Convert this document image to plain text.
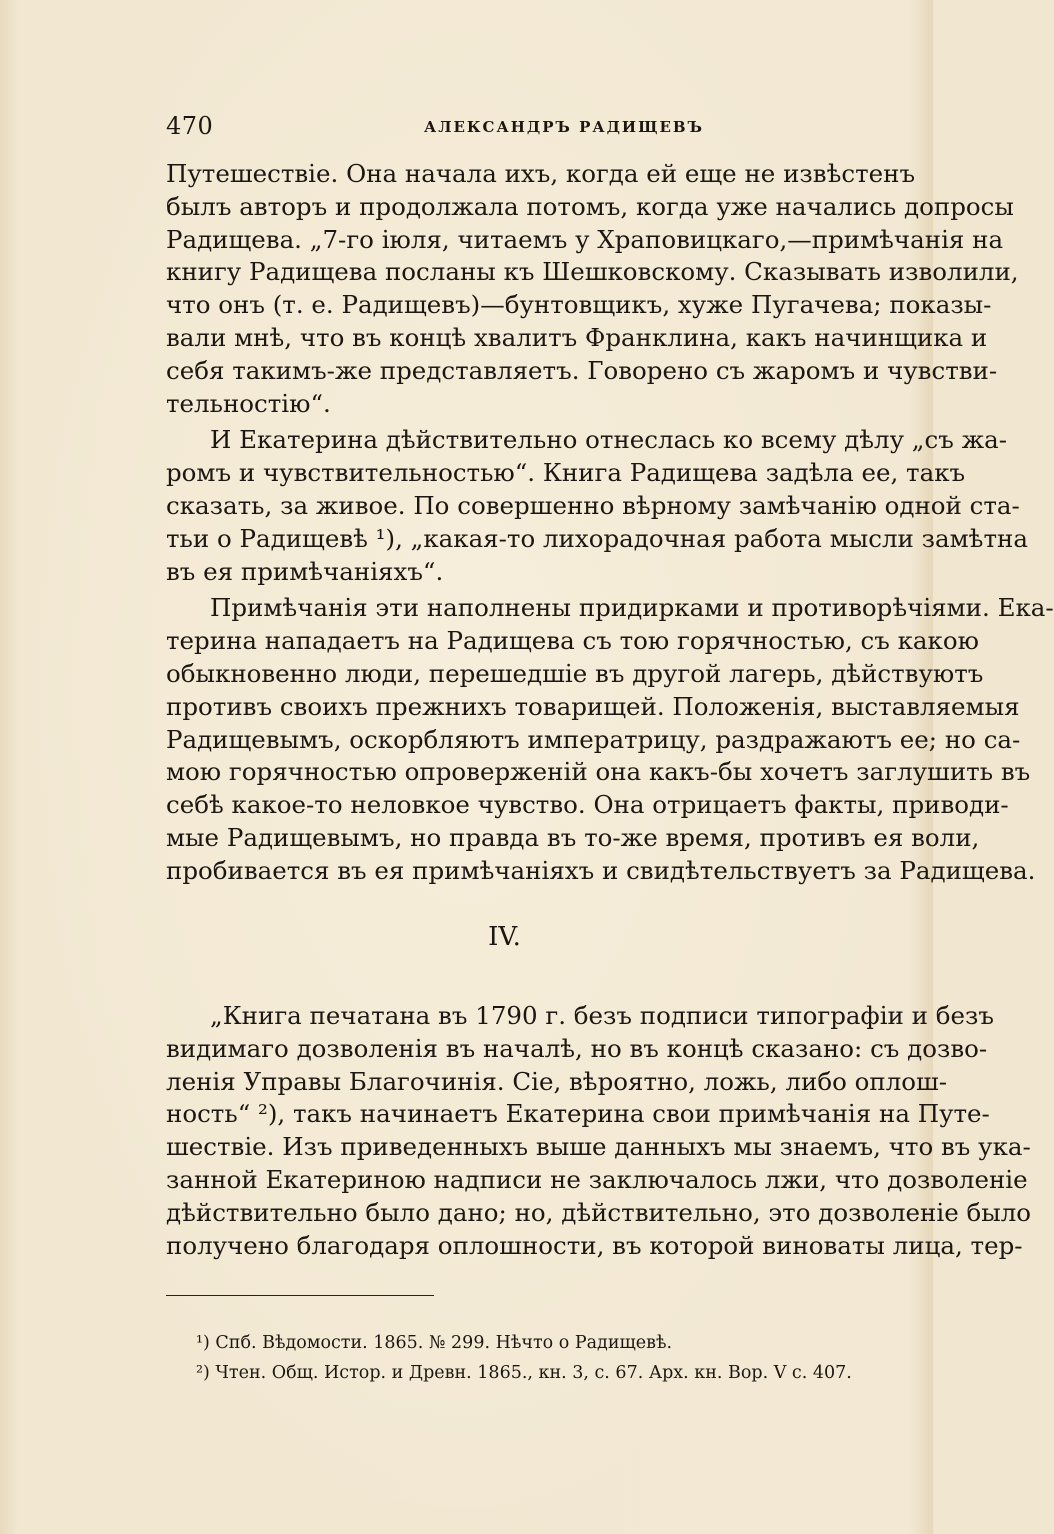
470	АЛЕКСАНДРЪ РАДИЩЕВЪ
Путешествіе. Она начала ихъ, когда ей еще не извѣстенъ
былъ авторъ и продолжала потомъ, когда уже начались допросы
Радищева. „7-го іюля, читаемъ у Храповицкаго,—примѣчанія на
книгу Радищева посланы къ Шешковскому. Сказывать изволили,
что онъ (т. е. Радищевъ)—бунтовщикъ, хуже Пугачева; показы-
вали мнѣ, что въ концѣ хвалитъ Франклина, какъ начинщика и
себя такимъ-же представляетъ. Говорено съ жаромъ и чувстви-
тельностію“.
И Екатерина дѣйствительно отнеслась ко всему дѣлу „съ жа-
ромъ и чувствительностью“. Книга Радищева задѣла ее, такъ
сказать, за живое. По совершенно вѣрному замѣчанію одной ста-
тьи о Радищевѣ ¹), „какая-то лихорадочная работа мысли замѣтна
въ ея примѣчаніяхъ“.
Примѣчанія эти наполнены придирками и противорѣчіями. Ека-
терина нападаетъ на Радищева съ тою горячностью, съ какою
обыкновенно люди, перешедшіе въ другой лагерь, дѣйствуютъ
противъ своихъ прежнихъ товарищей. Положенія, выставляемыя
Радищевымъ, оскорбляютъ императрицу, раздражаютъ ее; но са-
мою горячностью опроверженій она какъ-бы хочетъ заглушить въ
себѣ какое-то неловкое чувство. Она отрицаетъ факты, приводи-
мые Радищевымъ, но правда въ то-же время, противъ ея воли,
пробивается въ ея примѣчаніяхъ и свидѣтельствуетъ за Радищева.
IV.
„Книга печатана въ 1790 г. безъ подписи типографіи и безъ
видимаго дозволенія въ началѣ, но въ концѣ сказано: съ дозво-
ленія Управы Благочинія. Сіе, вѣроятно, ложь, либо оплош-
ность“ ²), такъ начинаетъ Екатерина свои примѣчанія на Путе-
шествіе. Изъ приведенныхъ выше данныхъ мы знаемъ, что въ ука-
занной Екатериною надписи не заключалось лжи, что дозволеніе
дѣйствительно было дано; но, дѣйствительно, это дозволеніе было
получено благодаря оплошности, въ которой виноваты лица, тер-
¹) Спб. Вѣдомости. 1865. № 299. Нѣчто о Радищевѣ.
²) Чтен. Общ. Истор. и Древн. 1865., кн. 3, с. 67. Арх. кн. Вор. V с. 407.
